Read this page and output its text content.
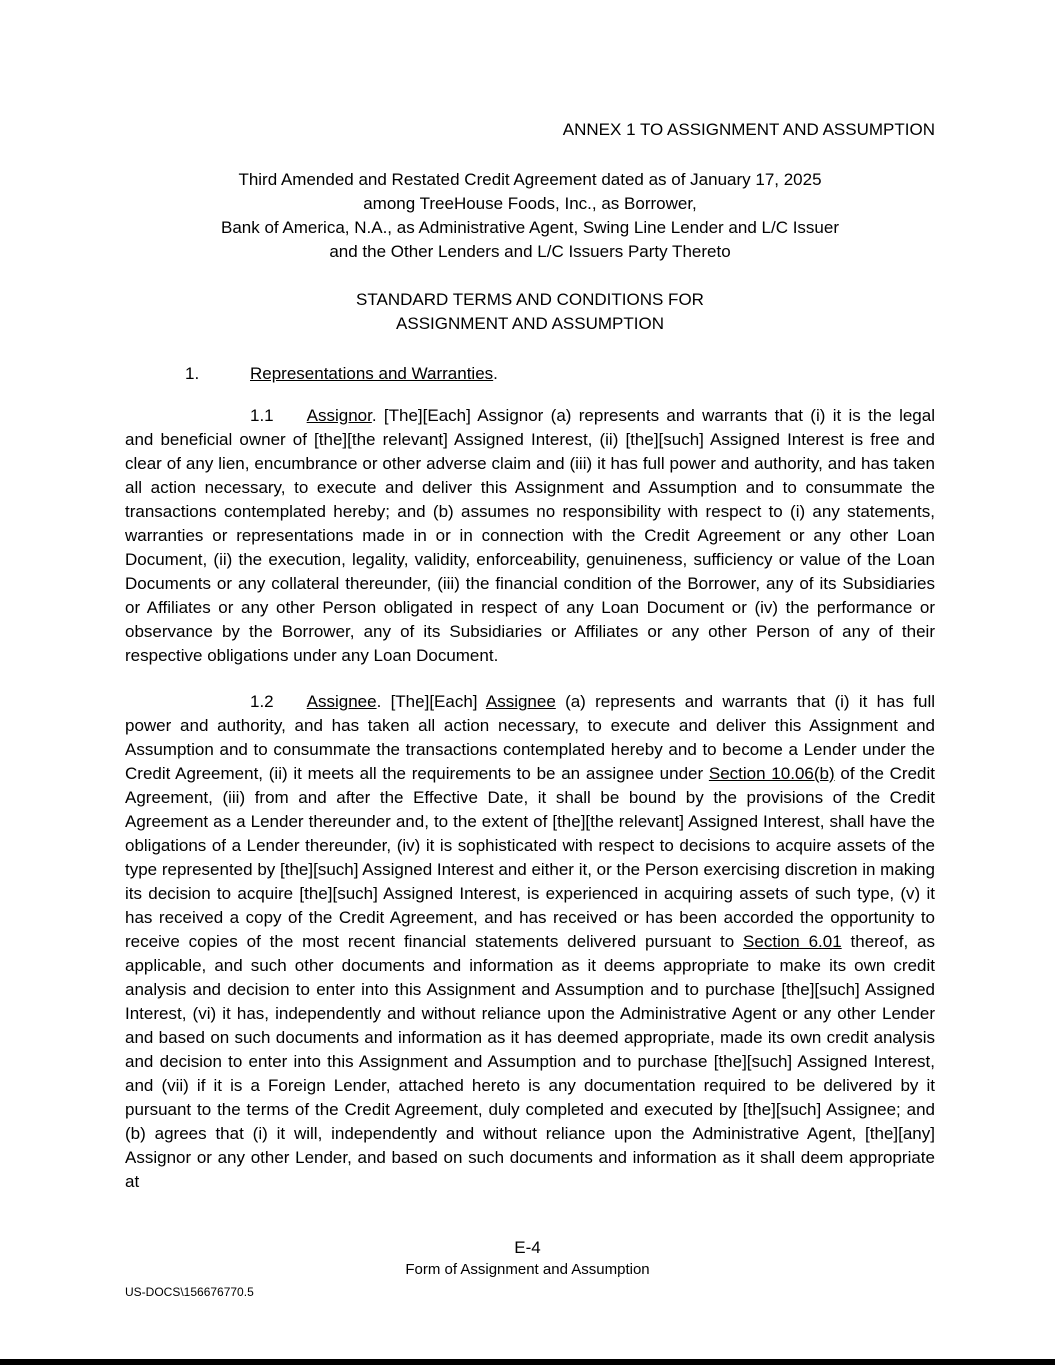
ANNEX 1 TO ASSIGNMENT AND ASSUMPTION
Third Amended and Restated Credit Agreement dated as of January 17, 2025
among TreeHouse Foods, Inc., as Borrower,
Bank of America, N.A., as Administrative Agent, Swing Line Lender and L/C Issuer
and the Other Lenders and L/C Issuers Party Thereto
STANDARD TERMS AND CONDITIONS FOR
ASSIGNMENT AND ASSUMPTION
1.	Representations and Warranties.

1.1 Assignor. [The][Each] Assignor (a) represents and warrants that (i) it is the legal and beneficial owner of [the][the relevant] Assigned Interest, (ii) [the][such] Assigned Interest is free and clear of any lien, encumbrance or other adverse claim and (iii) it has full power and authority, and has taken all action necessary, to execute and deliver this Assignment and Assumption and to consummate the transactions contemplated hereby; and (b) assumes no responsibility with respect to (i) any statements, warranties or representations made in or in connection with the Credit Agreement or any other Loan Document, (ii) the execution, legality, validity, enforceability, genuineness, sufficiency or value of the Loan Documents or any collateral thereunder, (iii) the financial condition of the Borrower, any of its Subsidiaries or Affiliates or any other Person obligated in respect of any Loan Document or (iv) the performance or observance by the Borrower, any of its Subsidiaries or Affiliates or any other Person of any of their respective obligations under any Loan Document.

1.2 Assignee. [The][Each] Assignee (a) represents and warrants that (i) it has full power and authority, and has taken all action necessary, to execute and deliver this Assignment and Assumption and to consummate the transactions contemplated hereby and to become a Lender under the Credit Agreement, (ii) it meets all the requirements to be an assignee under Section 10.06(b) of the Credit Agreement, (iii) from and after the Effective Date, it shall be bound by the provisions of the Credit Agreement as a Lender thereunder and, to the extent of [the][the relevant] Assigned Interest, shall have the obligations of a Lender thereunder, (iv) it is sophisticated with respect to decisions to acquire assets of the type represented by [the][such] Assigned Interest and either it, or the Person exercising discretion in making its decision to acquire [the][such] Assigned Interest, is experienced in acquiring assets of such type, (v) it has received a copy of the Credit Agreement, and has received or has been accorded the opportunity to receive copies of the most recent financial statements delivered pursuant to Section 6.01 thereof, as applicable, and such other documents and information as it deems appropriate to make its own credit analysis and decision to enter into this Assignment and Assumption and to purchase [the][such] Assigned Interest, (vi) it has, independently and without reliance upon the Administrative Agent or any other Lender and based on such documents and information as it has deemed appropriate, made its own credit analysis and decision to enter into this Assignment and Assumption and to purchase [the][such] Assigned Interest, and (vii) if it is a Foreign Lender, attached hereto is any documentation required to be delivered by it pursuant to the terms of the Credit Agreement, duly completed and executed by [the][such] Assignee; and (b) agrees that (i) it will, independently and without reliance upon the Administrative Agent, [the][any] Assignor or any other Lender, and based on such documents and information as it shall deem appropriate at

E-4
Form of Assignment and Assumption
US-DOCS\156676770.5
